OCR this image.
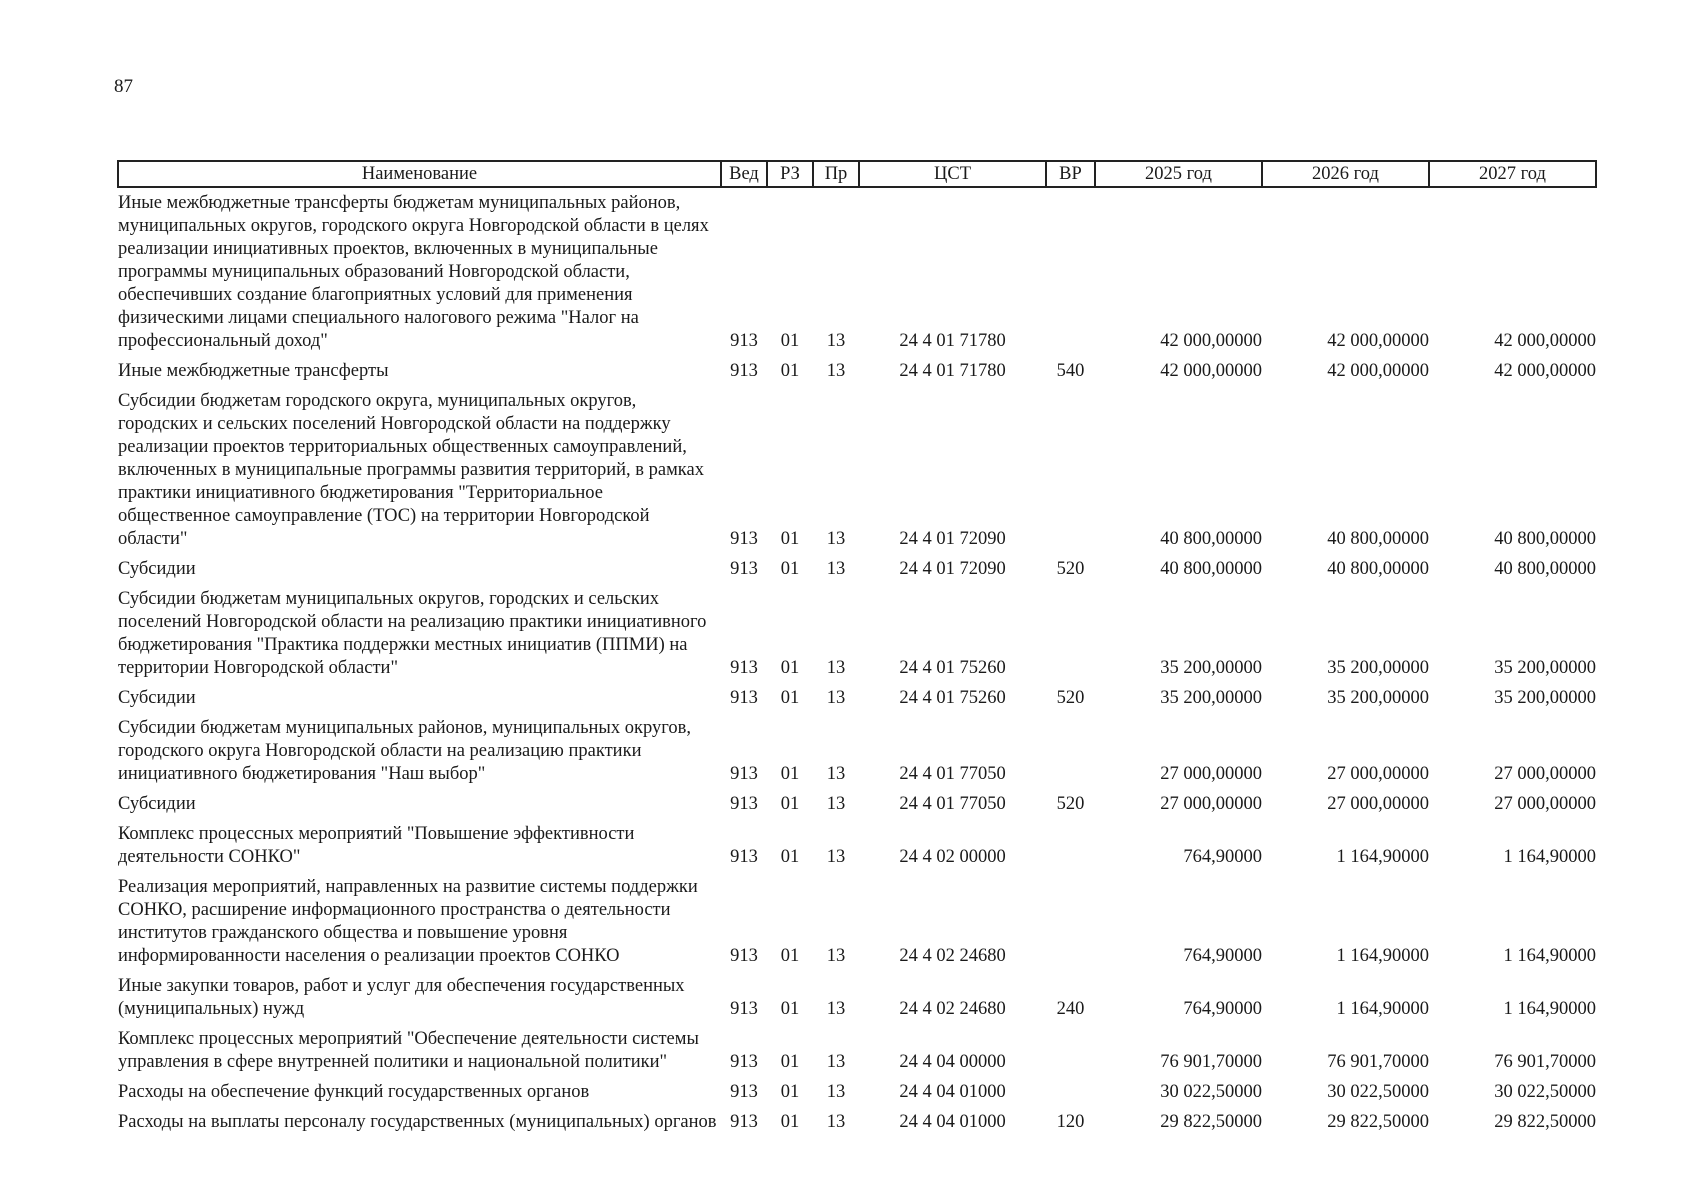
87
Наименование	Вед	РЗ	Пр	ЦСТ	ВР	2025 год	2026 год	2027 год
Иные межбюджетные трансферты бюджетам муниципальных районов, муниципальных округов, городского округа Новгородской области в целях реализации инициативных проектов, включенных в муниципальные программы муниципальных образований Новгородской области, обеспечивших создание благоприятных условий для применения физическими лицами специального налогового режима "Налог на профессиональный доход"	913	01	13	24 4 01 71780		42 000,00000	42 000,00000	42 000,00000
Иные межбюджетные трансферты	913	01	13	24 4 01 71780	540	42 000,00000	42 000,00000	42 000,00000
Субсидии бюджетам городского округа, муниципальных округов, городских и сельских поселений Новгородской области на поддержку реализации проектов территориальных общественных самоуправлений, включенных в муниципальные программы развития территорий, в рамках практики инициативного бюджетирования "Территориальное общественное самоуправление (ТОС) на территории Новгородской области"	913	01	13	24 4 01 72090		40 800,00000	40 800,00000	40 800,00000
Субсидии	913	01	13	24 4 01 72090	520	40 800,00000	40 800,00000	40 800,00000
Субсидии бюджетам муниципальных округов, городских и сельских поселений Новгородской области на реализацию практики инициативного бюджетирования "Практика поддержки местных инициатив (ППМИ) на территории Новгородской области"	913	01	13	24 4 01 75260		35 200,00000	35 200,00000	35 200,00000
Субсидии	913	01	13	24 4 01 75260	520	35 200,00000	35 200,00000	35 200,00000
Субсидии бюджетам муниципальных районов, муниципальных округов, городского округа Новгородской области на реализацию практики инициативного бюджетирования "Наш выбор"	913	01	13	24 4 01 77050		27 000,00000	27 000,00000	27 000,00000
Субсидии	913	01	13	24 4 01 77050	520	27 000,00000	27 000,00000	27 000,00000
Комплекс процессных мероприятий "Повышение эффективности деятельности СОНКО"	913	01	13	24 4 02 00000		764,90000	1 164,90000	1 164,90000
Реализация мероприятий, направленных на развитие системы поддержки СОНКО, расширение информационного пространства о деятельности институтов гражданского общества и повышение уровня информированности населения о реализации проектов СОНКО	913	01	13	24 4 02 24680		764,90000	1 164,90000	1 164,90000
Иные закупки товаров, работ и услуг для обеспечения государственных (муниципальных) нужд	913	01	13	24 4 02 24680	240	764,90000	1 164,90000	1 164,90000
Комплекс процессных мероприятий "Обеспечение деятельности системы управления в сфере внутренней политики и национальной политики"	913	01	13	24 4 04 00000		76 901,70000	76 901,70000	76 901,70000
Расходы на обеспечение функций государственных органов	913	01	13	24 4 04 01000		30 022,50000	30 022,50000	30 022,50000
Расходы на выплаты персоналу государственных (муниципальных) органов	913	01	13	24 4 04 01000	120	29 822,50000	29 822,50000	29 822,50000
